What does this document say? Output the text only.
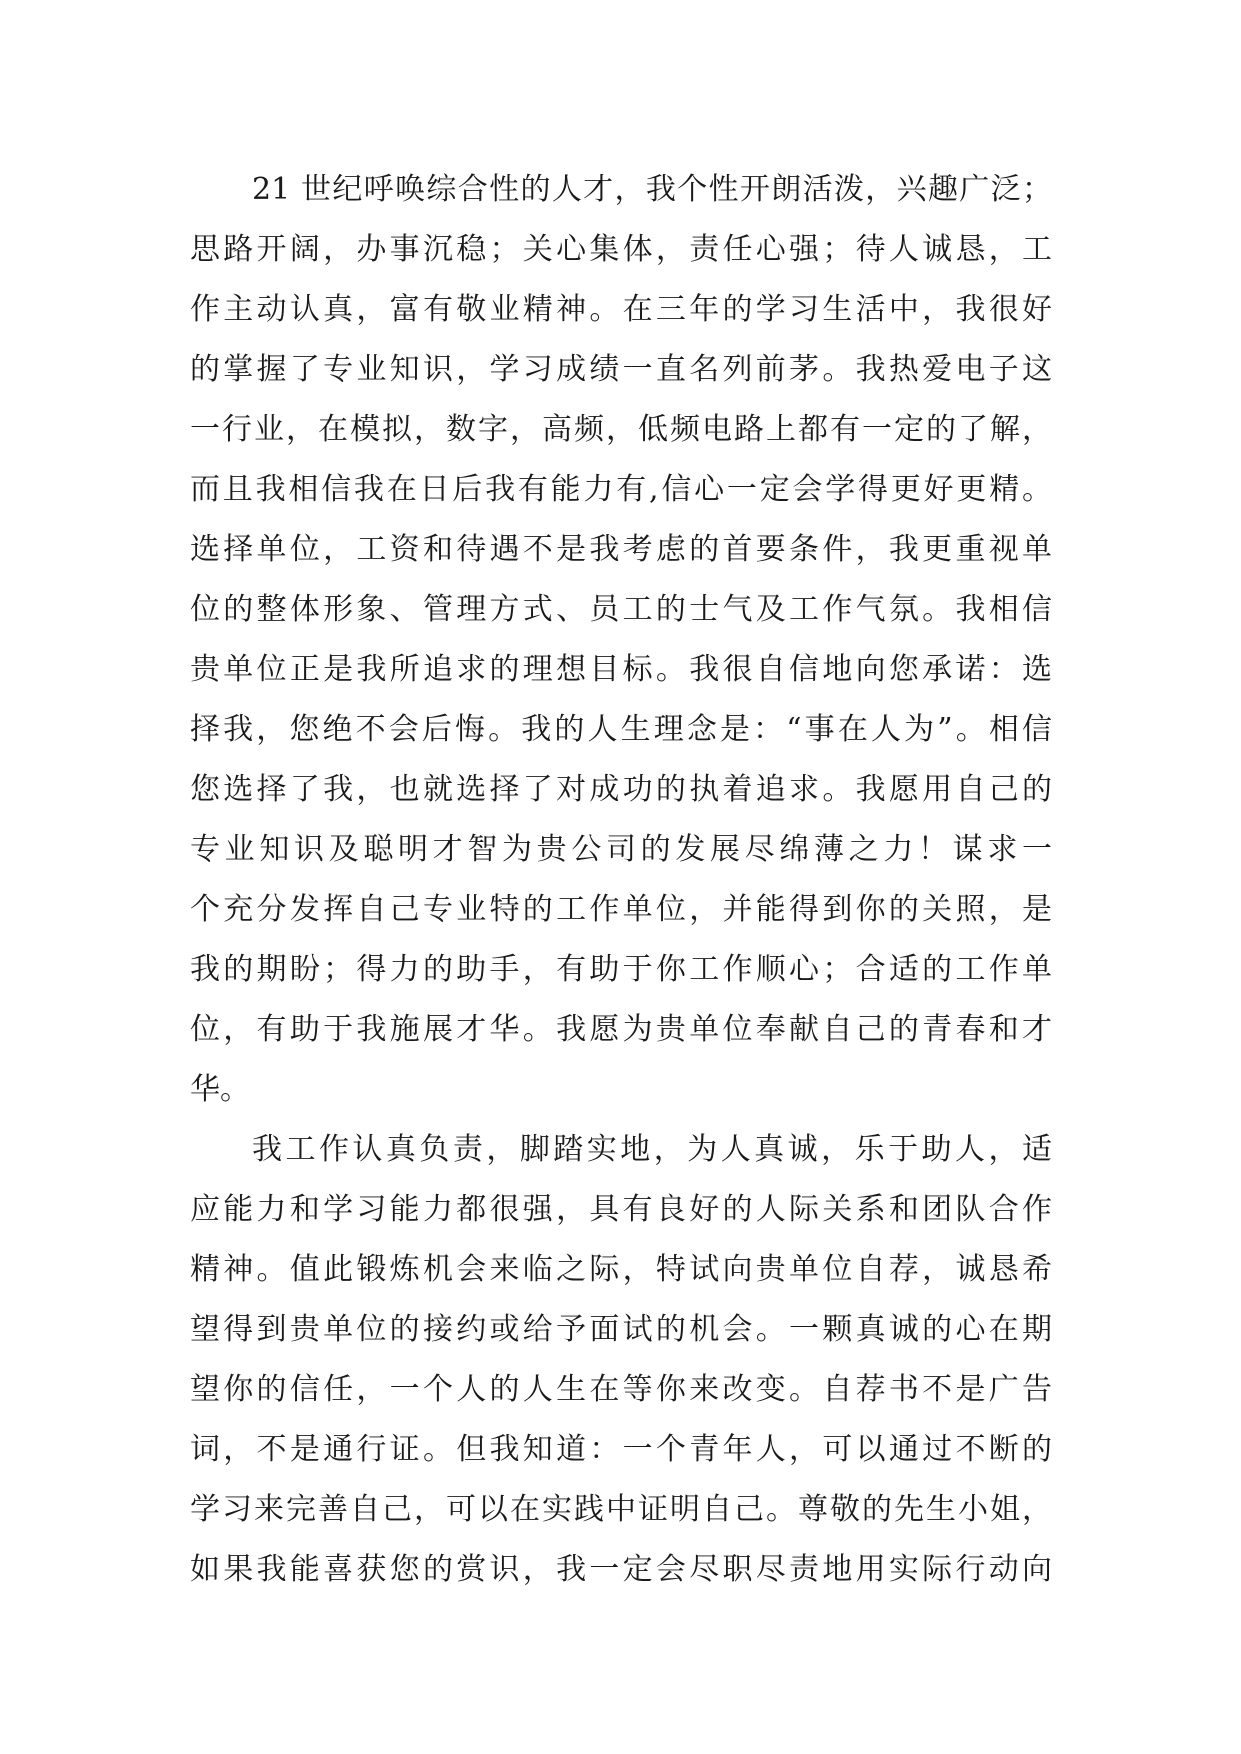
21 世纪呼唤综合性的人才，我个性开朗活泼，兴趣广泛；
思路开阔，办事沉稳；关心集体，责任心强；待人诚恳，工
作主动认真，富有敬业精神。在三年的学习生活中，我很好
的掌握了专业知识，学习成绩一直名列前茅。我热爱电子这
一行业，在模拟，数字，高频，低频电路上都有一定的了解，
而且我相信我在日后我有能力有,信心一定会学得更好更精。
选择单位，工资和待遇不是我考虑的首要条件，我更重视单
位的整体形象、管理方式、员工的士气及工作气氛。我相信
贵单位正是我所追求的理想目标。我很自信地向您承诺：选
择我，您绝不会后悔。我的人生理念是：“事在人为”。相信
您选择了我，也就选择了对成功的执着追求。我愿用自己的
专业知识及聪明才智为贵公司的发展尽绵薄之力！谋求一
个充分发挥自己专业特的工作单位，并能得到你的关照，是
我的期盼；得力的助手，有助于你工作顺心；合适的工作单
位，有助于我施展才华。我愿为贵单位奉献自己的青春和才
华。
我工作认真负责，脚踏实地，为人真诚，乐于助人，适
应能力和学习能力都很强，具有良好的人际关系和团队合作
精神。值此锻炼机会来临之际，特试向贵单位自荐，诚恳希
望得到贵单位的接约或给予面试的机会。一颗真诚的心在期
望你的信任，一个人的人生在等你来改变。自荐书不是广告
词，不是通行证。但我知道：一个青年人，可以通过不断的
学习来完善自己，可以在实践中证明自己。尊敬的先生小姐，
如果我能喜获您的赏识，我一定会尽职尽责地用实际行动向
